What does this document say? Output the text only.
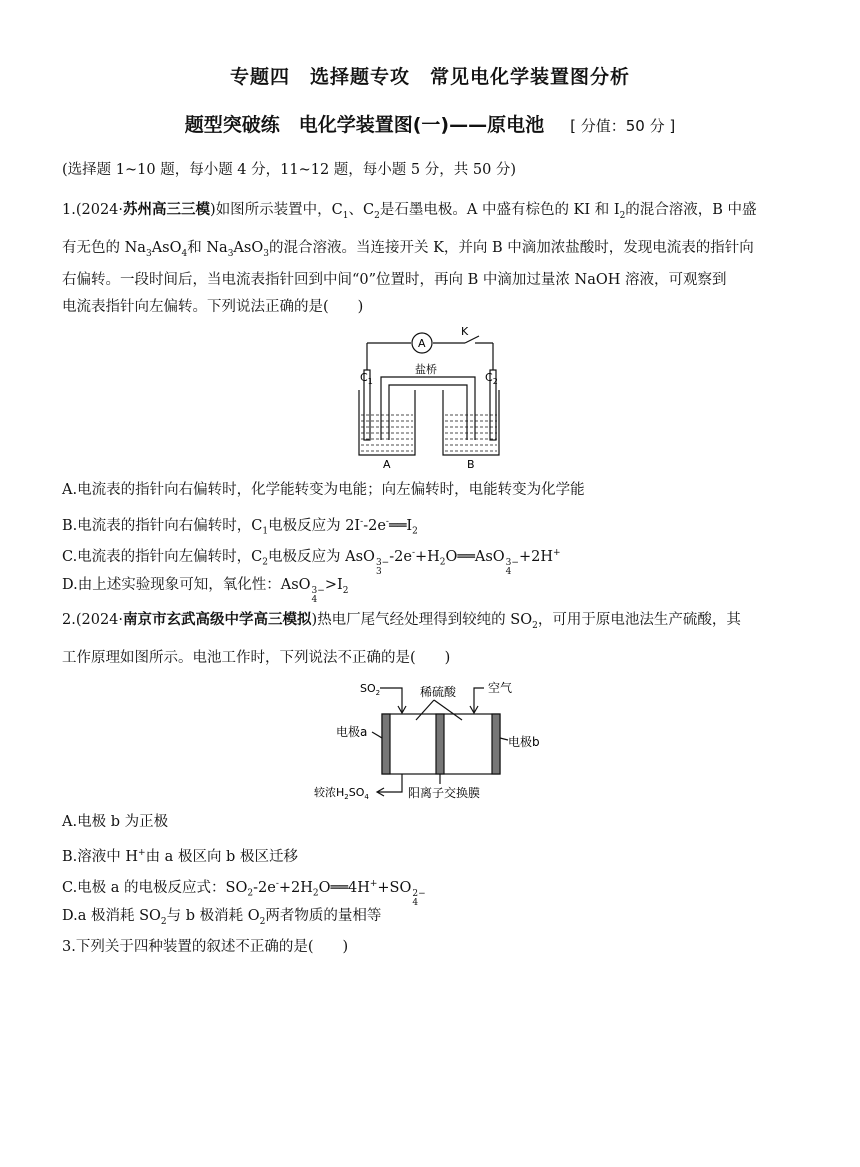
专题四　选择题专攻　常见电化学装置图分析
题型突破练　电化学装置图(一)——原电池 [ 分值：50 分 ]
(选择题 1~10 题，每小题 4 分，11~12 题，每小题 5 分，共 50 分)
1.(2024·苏州高三三模)如图所示装置中，$C_1$、$C_2$是石墨电极。A 中盛有棕色的 KI 和 $I_2$的混合溶液，B 中盛
有无色的 $Na_3AsO_4$和 $Na_3AsO_3$的混合溶液。当连接开关 K，并向 B 中滴加浓盐酸时，发现电流表的指针向
右偏转。一段时间后，当电流表指针回到中间“0”位置时，再向 B 中滴加过量浓 NaOH 溶液，可观察到
电流表指针向左偏转。下列说法正确的是(　　)
A
K
$C_1$	$C_2$
盐桥
A	B
A.电流表的指针向右偏转时，化学能转变为电能；向左偏转时，电能转变为化学能
B.电流表的指针向右偏转时，$C_1$电极反应为 $2I^--2e^-══I_2$
C.电流表的指针向左偏转时，$C_2$电极反应为 AsO 3−
3
$-2e^-+H_2O══AsO$ 3−
4
+2H+
D.由上述实验现象可知，氧化性：AsO 3−
4
$>I_2$
2.(2024·南京市玄武高级中学高三模拟)热电厂尾气经处理得到较纯的 $SO_2$，可用于原电池法生产硫酸，其
工作原理如图所示。电池工作时，下列说法不正确的是(　　)
$SO_2$	稀硫酸	空气
电极a
电极b
较浓$H_2SO_4$	阳离子交换膜
A.电极 b 为正极
B.溶液中 H+由 a 极区向 b 极区迁移
C.电极 a 的电极反应式：$SO_2-2e^-+2H_2O══4H^++SO$ 2−
4
D.a 极消耗 $SO_2$与 b 极消耗 $O_2$两者物质的量相等
3.下列关于四种装置的叙述不正确的是(　　)
